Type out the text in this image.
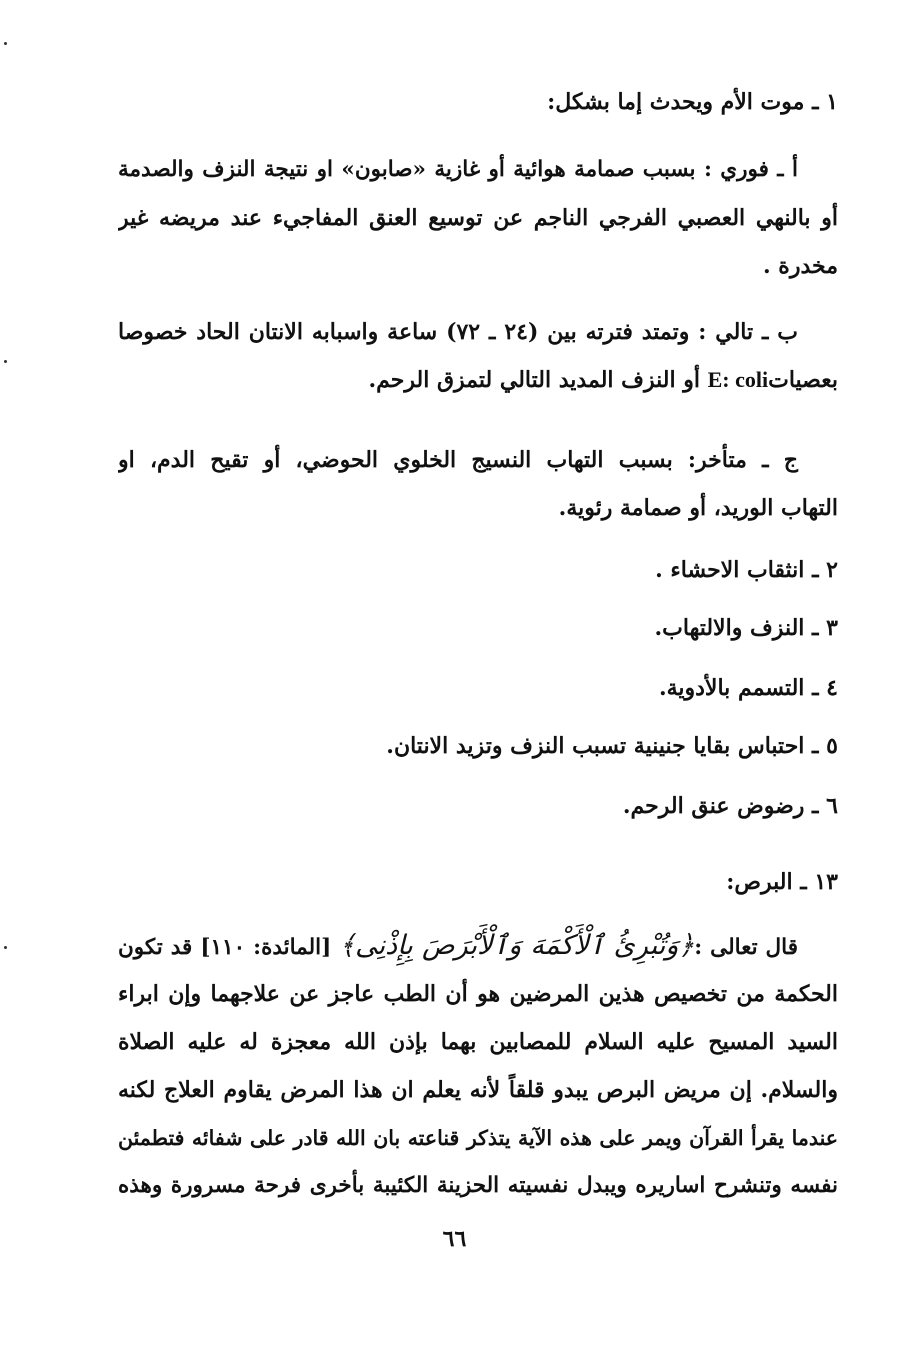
١ ـ موت الأم ويحدث إما بشكل:
أ ـ فوري : بسبب صمامة هوائية أو غازية «صابون» او نتيجة النزف والصدمة
أو بالنهي العصبي الفرجي الناجم عن توسيع العنق المفاجيء عند مريضه غير
مخدرة .
ب ـ تالي : وتمتد فترته بين (٢٤ ـ ٧٢) ساعة واسبابه الانتان الحاد خصوصا
بعصياتE: coli أو النزف المديد التالي لتمزق الرحم.
ج ـ متأخر: بسبب التهاب النسيج الخلوي الحوضي، أو تقيح الدم، او
التهاب الوريد، أو صمامة رئوية.
٢ ـ انثقاب الاحشاء .
٣ ـ النزف والالتهاب.
٤ ـ التسمم بالأدوية.
٥ ـ احتباس بقايا جنينية تسبب النزف وتزيد الانتان.
٦ ـ رضوض عنق الرحم.
١٣ ـ البرص:
قال تعالى :﴿وَتُبْرِئُ ٱلْأَكْمَهَ وَٱلْأَبْرَصَ بِإِذْنِى﴾ [المائدة: ١١٠] قد تكون
الحكمة من تخصيص هذين المرضين هو أن الطب عاجز عن علاجهما وإن ابراء
السيد المسيح عليه السلام للمصابين بهما بإذن الله معجزة له عليه الصلاة
والسلام. إن مريض البرص يبدو قلقاً لأنه يعلم ان هذا المرض يقاوم العلاج لكنه
عندما يقرأ القرآن ويمر على هذه الآية يتذكر قناعته بان الله قادر على شفائه فتطمئن
نفسه وتنشرح اساريره ويبدل نفسيته الحزينة الكئيبة بأخرى فرحة مسرورة وهذه
٦٦
